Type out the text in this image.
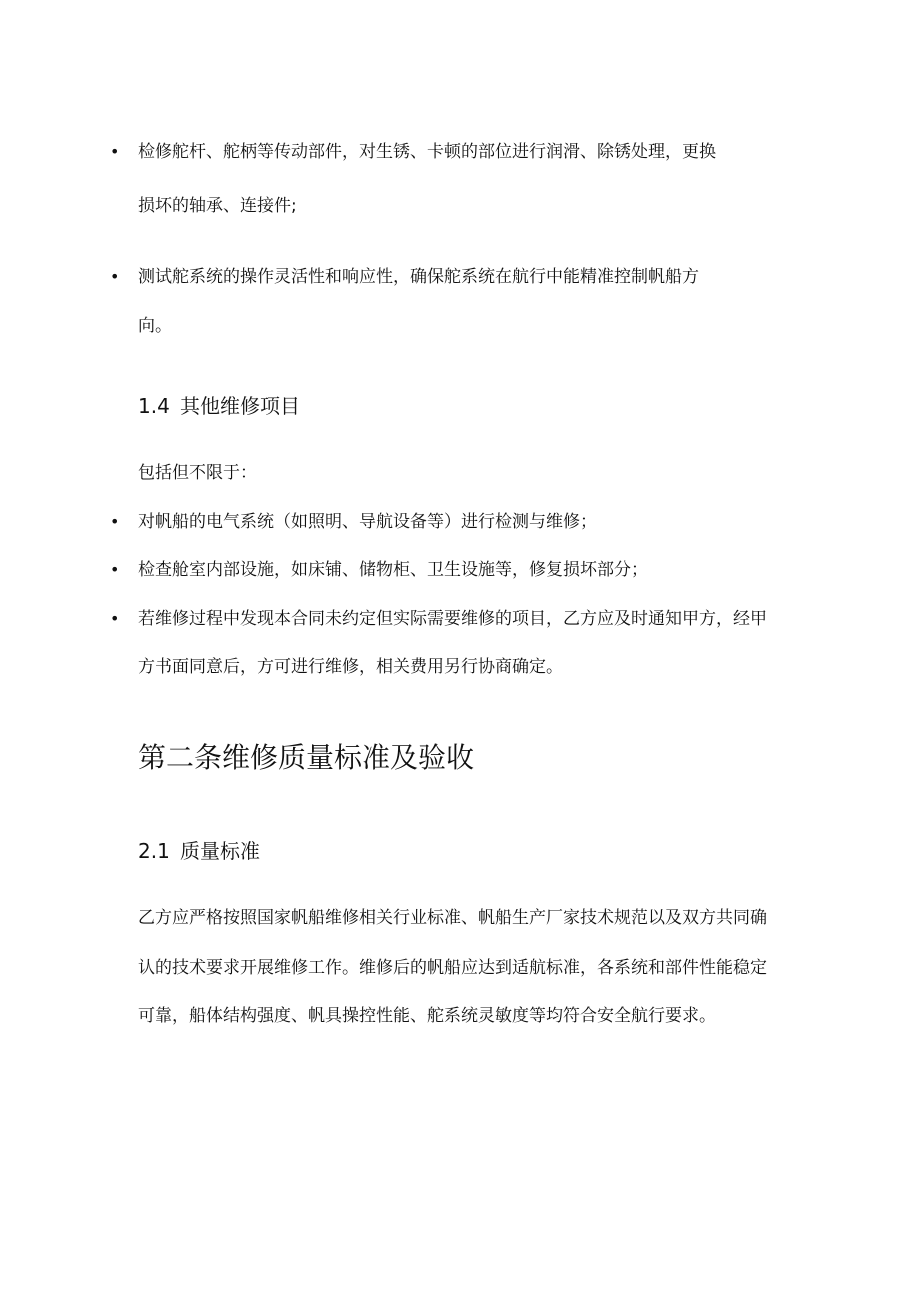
• 检修舵杆、舵柄等传动部件，对生锈、卡顿的部位进行润滑、除锈处理，更换
损坏的轴承、连接件;
• 测试舵系统的操作灵活性和响应性，确保舵系统在航行中能精准控制帆船方
向。
1.4 其他维修项目
包括但不限于：
• 对帆船的电气系统（如照明、导航设备等）进行检测与维修；
• 检查舱室内部设施，如床铺、储物柜、卫生设施等，修复损坏部分；
• 若维修过程中发现本合同未约定但实际需要维修的项目，乙方应及时通知甲方，经甲
方书面同意后，方可进行维修，相关费用另行协商确定。
第二条维修质量标准及验收
2.1 质量标准
乙方应严格按照国家帆船维修相关行业标准、帆船生产厂家技术规范以及双方共同确
认的技术要求开展维修工作。维修后的帆船应达到适航标准，各系统和部件性能稳定
可靠，船体结构强度、帆具操控性能、舵系统灵敏度等均符合安全航行要求。
